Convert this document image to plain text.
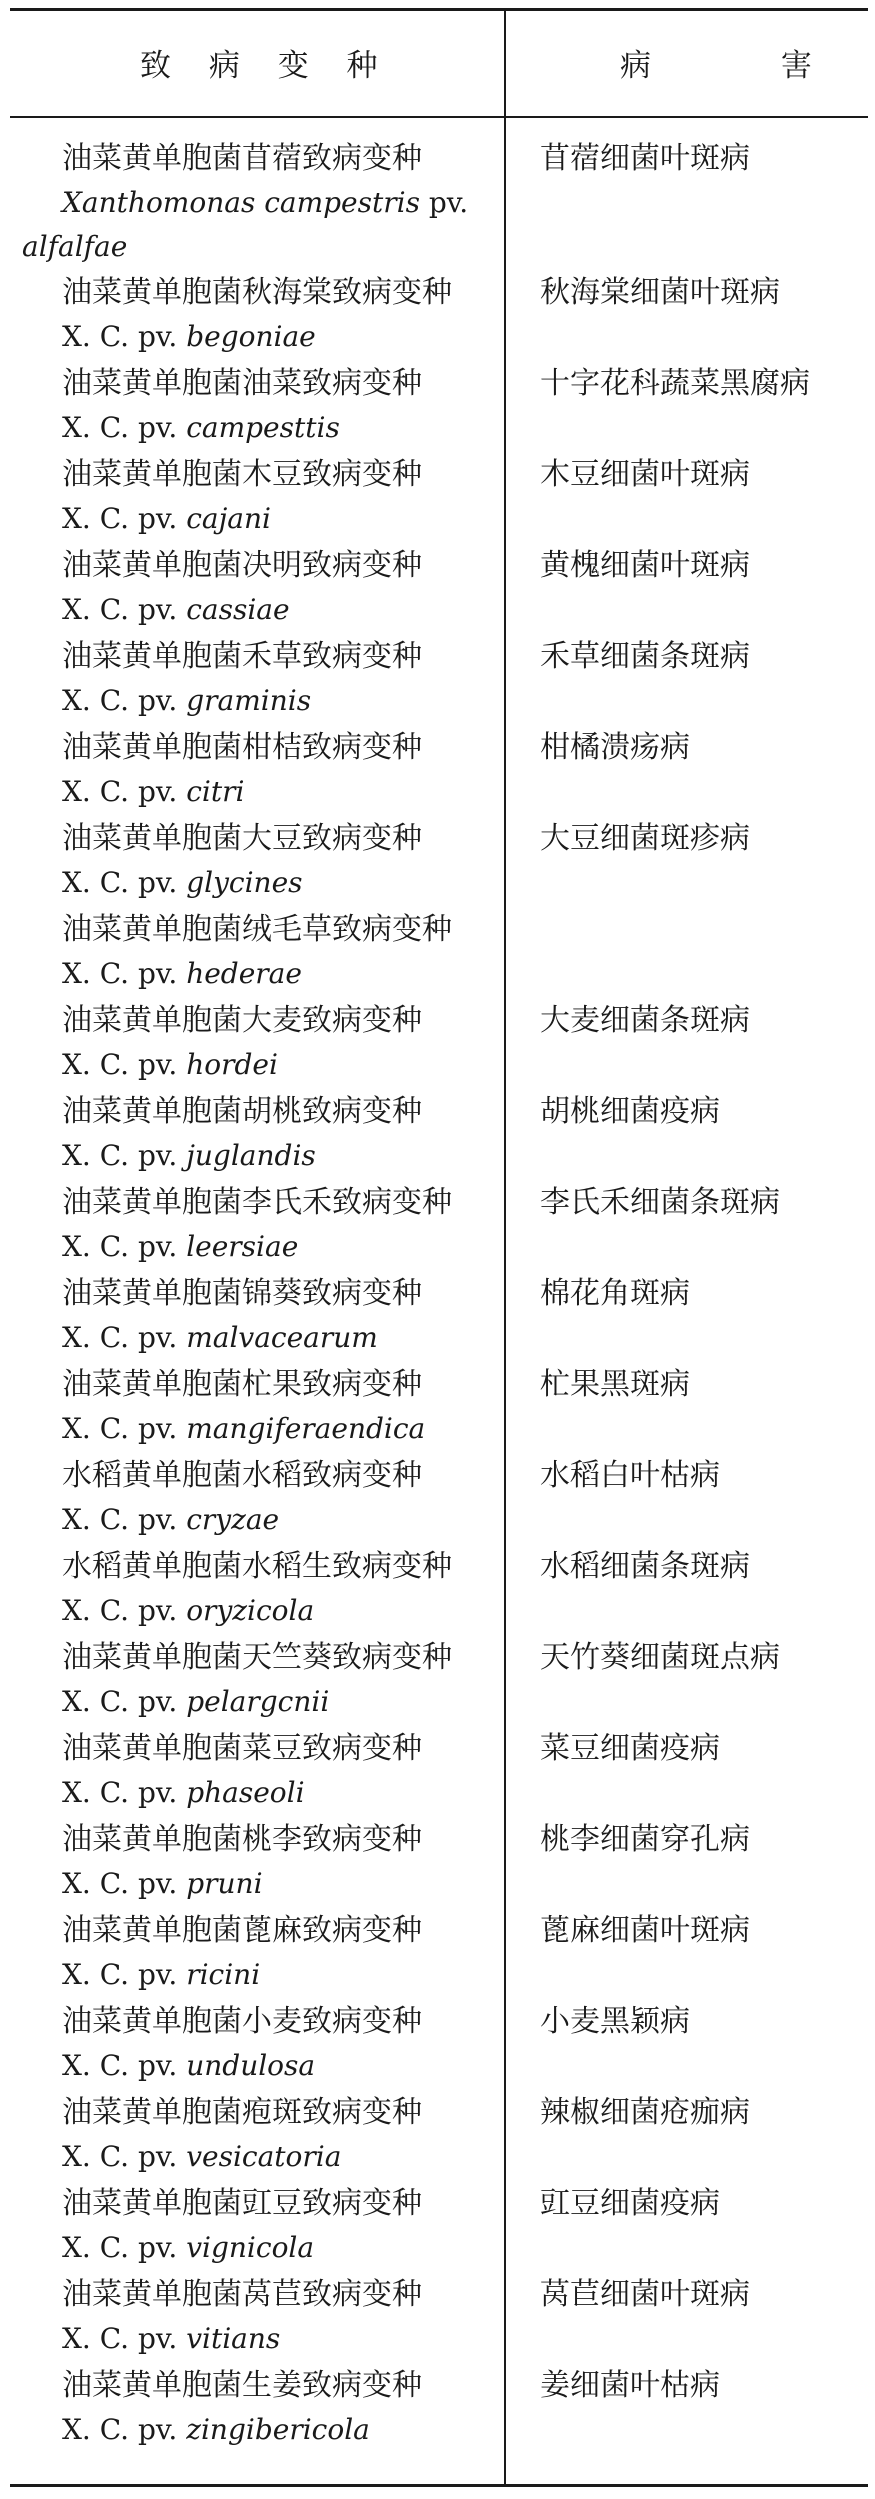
致 病 变 种	病 害
油菜黄单胞菌苜蓿致病变种
Xanthomonas campestris pv.
alfalfae
苜蓿细菌叶斑病
油菜黄单胞菌秋海棠致病变种
X. C. pv. begoniae
秋海棠细菌叶斑病
油菜黄单胞菌油菜致病变种
X. C. pv. campesttis
十字花科蔬菜黑腐病
油菜黄单胞菌木豆致病变种
X. C. pv. cajani
木豆细菌叶斑病
油菜黄单胞菌决明致病变种
X. C. pv. cassiae
黄槐细菌叶斑病
油菜黄单胞菌禾草致病变种
X. C. pv. graminis
禾草细菌条斑病
油菜黄单胞菌柑桔致病变种
X. C. pv. citri
柑橘溃疡病
油菜黄单胞菌大豆致病变种
X. C. pv. glycines
大豆细菌斑疹病
油菜黄单胞菌绒毛草致病变种
X. C. pv. hederae
油菜黄单胞菌大麦致病变种
X. C. pv. hordei
大麦细菌条斑病
油菜黄单胞菌胡桃致病变种
X. C. pv. juglandis
胡桃细菌疫病
油菜黄单胞菌李氏禾致病变种
X. C. pv. leersiae
李氏禾细菌条斑病
油菜黄单胞菌锦葵致病变种
X. C. pv. malvacearum
棉花角斑病
油菜黄单胞菌杧果致病变种
X. C. pv. mangiferaendica
杧果黑斑病
水稻黄单胞菌水稻致病变种
X. C. pv. cryzae
水稻白叶枯病
水稻黄单胞菌水稻生致病变种
X. C. pv. oryzicola
水稻细菌条斑病
油菜黄单胞菌天竺葵致病变种
X. C. pv. pelargcnii
天竹葵细菌斑点病
油菜黄单胞菌菜豆致病变种
X. C. pv. phaseoli
菜豆细菌疫病
油菜黄单胞菌桃李致病变种
X. C. pv. pruni
桃李细菌穿孔病
油菜黄单胞菌蓖麻致病变种
X. C. pv. ricini
蓖麻细菌叶斑病
油菜黄单胞菌小麦致病变种
X. C. pv. undulosa
小麦黑颖病
油菜黄单胞菌疱斑致病变种
X. C. pv. vesicatoria
辣椒细菌疮痂病
油菜黄单胞菌豇豆致病变种
X. C. pv. vignicola
豇豆细菌疫病
油菜黄单胞菌莴苣致病变种
X. C. pv. vitians
莴苣细菌叶斑病
油菜黄单胞菌生姜致病变种
X. C. pv. zingibericola
姜细菌叶枯病
